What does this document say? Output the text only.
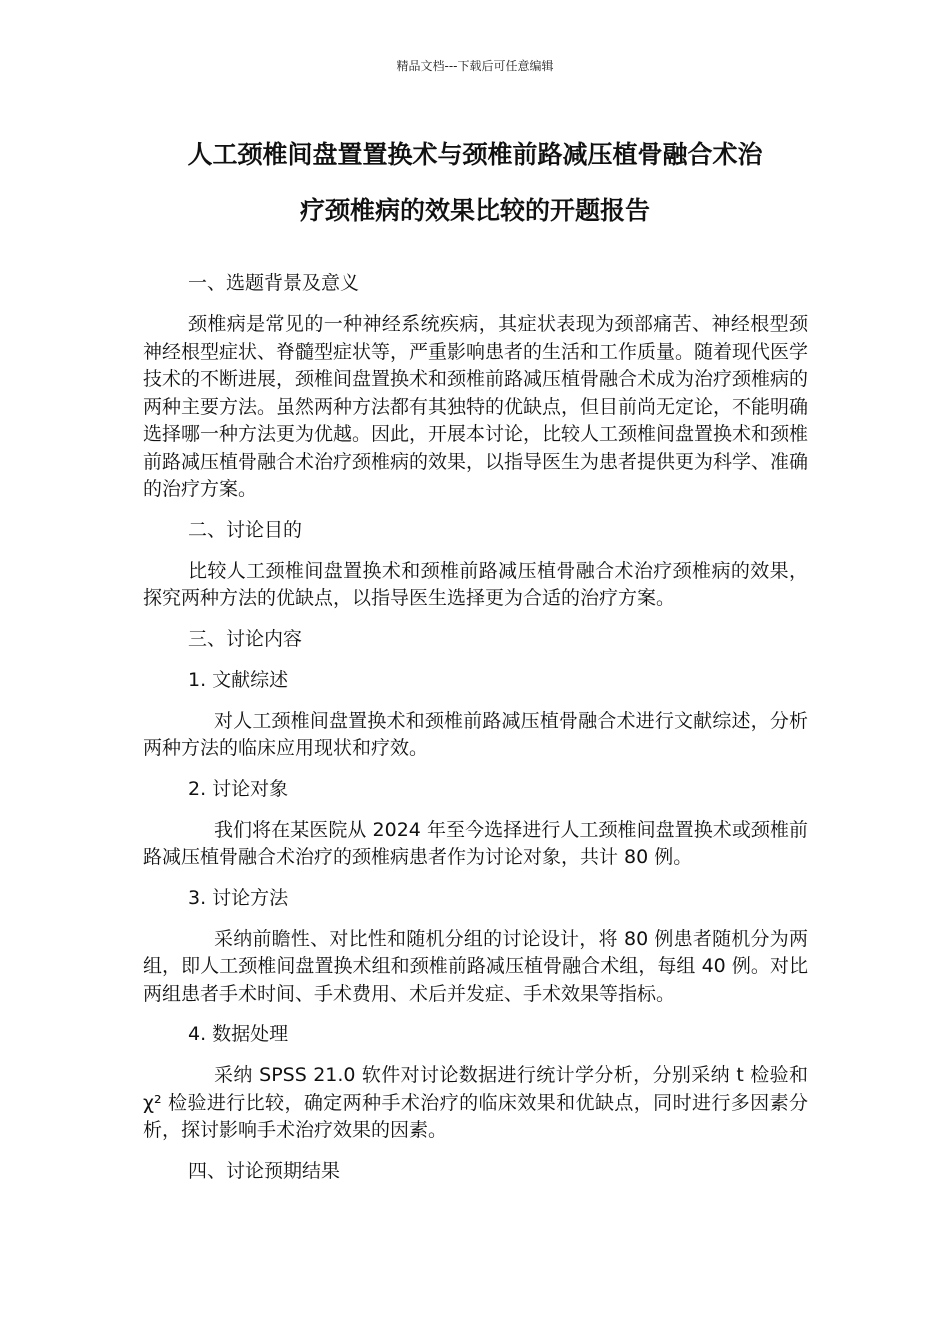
精品文档---下载后可任意编辑
人工颈椎间盘置置换术与颈椎前路减压植骨融合术治
疗颈椎病的效果比较的开题报告

一、选题背景及意义

颈椎病是常见的一种神经系统疾病，其症状表现为颈部痛苦、神经根型颈神经根型症状、脊髓型症状等，严重影响患者的生活和工作质量。随着现代医学技术的不断进展，颈椎间盘置换术和颈椎前路减压植骨融合术成为治疗颈椎病的两种主要方法。虽然两种方法都有其独特的优缺点，但目前尚无定论，不能明确选择哪一种方法更为优越。因此，开展本讨论，比较人工颈椎间盘置换术和颈椎前路减压植骨融合术治疗颈椎病的效果，以指导医生为患者提供更为科学、准确的治疗方案。

二、讨论目的

比较人工颈椎间盘置换术和颈椎前路减压植骨融合术治疗颈椎病的效果，探究两种方法的优缺点，以指导医生选择更为合适的治疗方案。

三、讨论内容

1. 文献综述

对人工颈椎间盘置换术和颈椎前路减压植骨融合术进行文献综述，分析两种方法的临床应用现状和疗效。

2. 讨论对象

我们将在某医院从 2024 年至今选择进行人工颈椎间盘置换术或颈椎前路减压植骨融合术治疗的颈椎病患者作为讨论对象，共计 80 例。

3. 讨论方法

采纳前瞻性、对比性和随机分组的讨论设计，将 80 例患者随机分为两组，即人工颈椎间盘置换术组和颈椎前路减压植骨融合术组，每组 40 例。对比两组患者手术时间、手术费用、术后并发症、手术效果等指标。

4. 数据处理

采纳 SPSS 21.0 软件对讨论数据进行统计学分析，分别采纳 t 检验和 χ² 检验进行比较，确定两种手术治疗的临床效果和优缺点，同时进行多因素分析，探讨影响手术治疗效果的因素。

四、讨论预期结果
